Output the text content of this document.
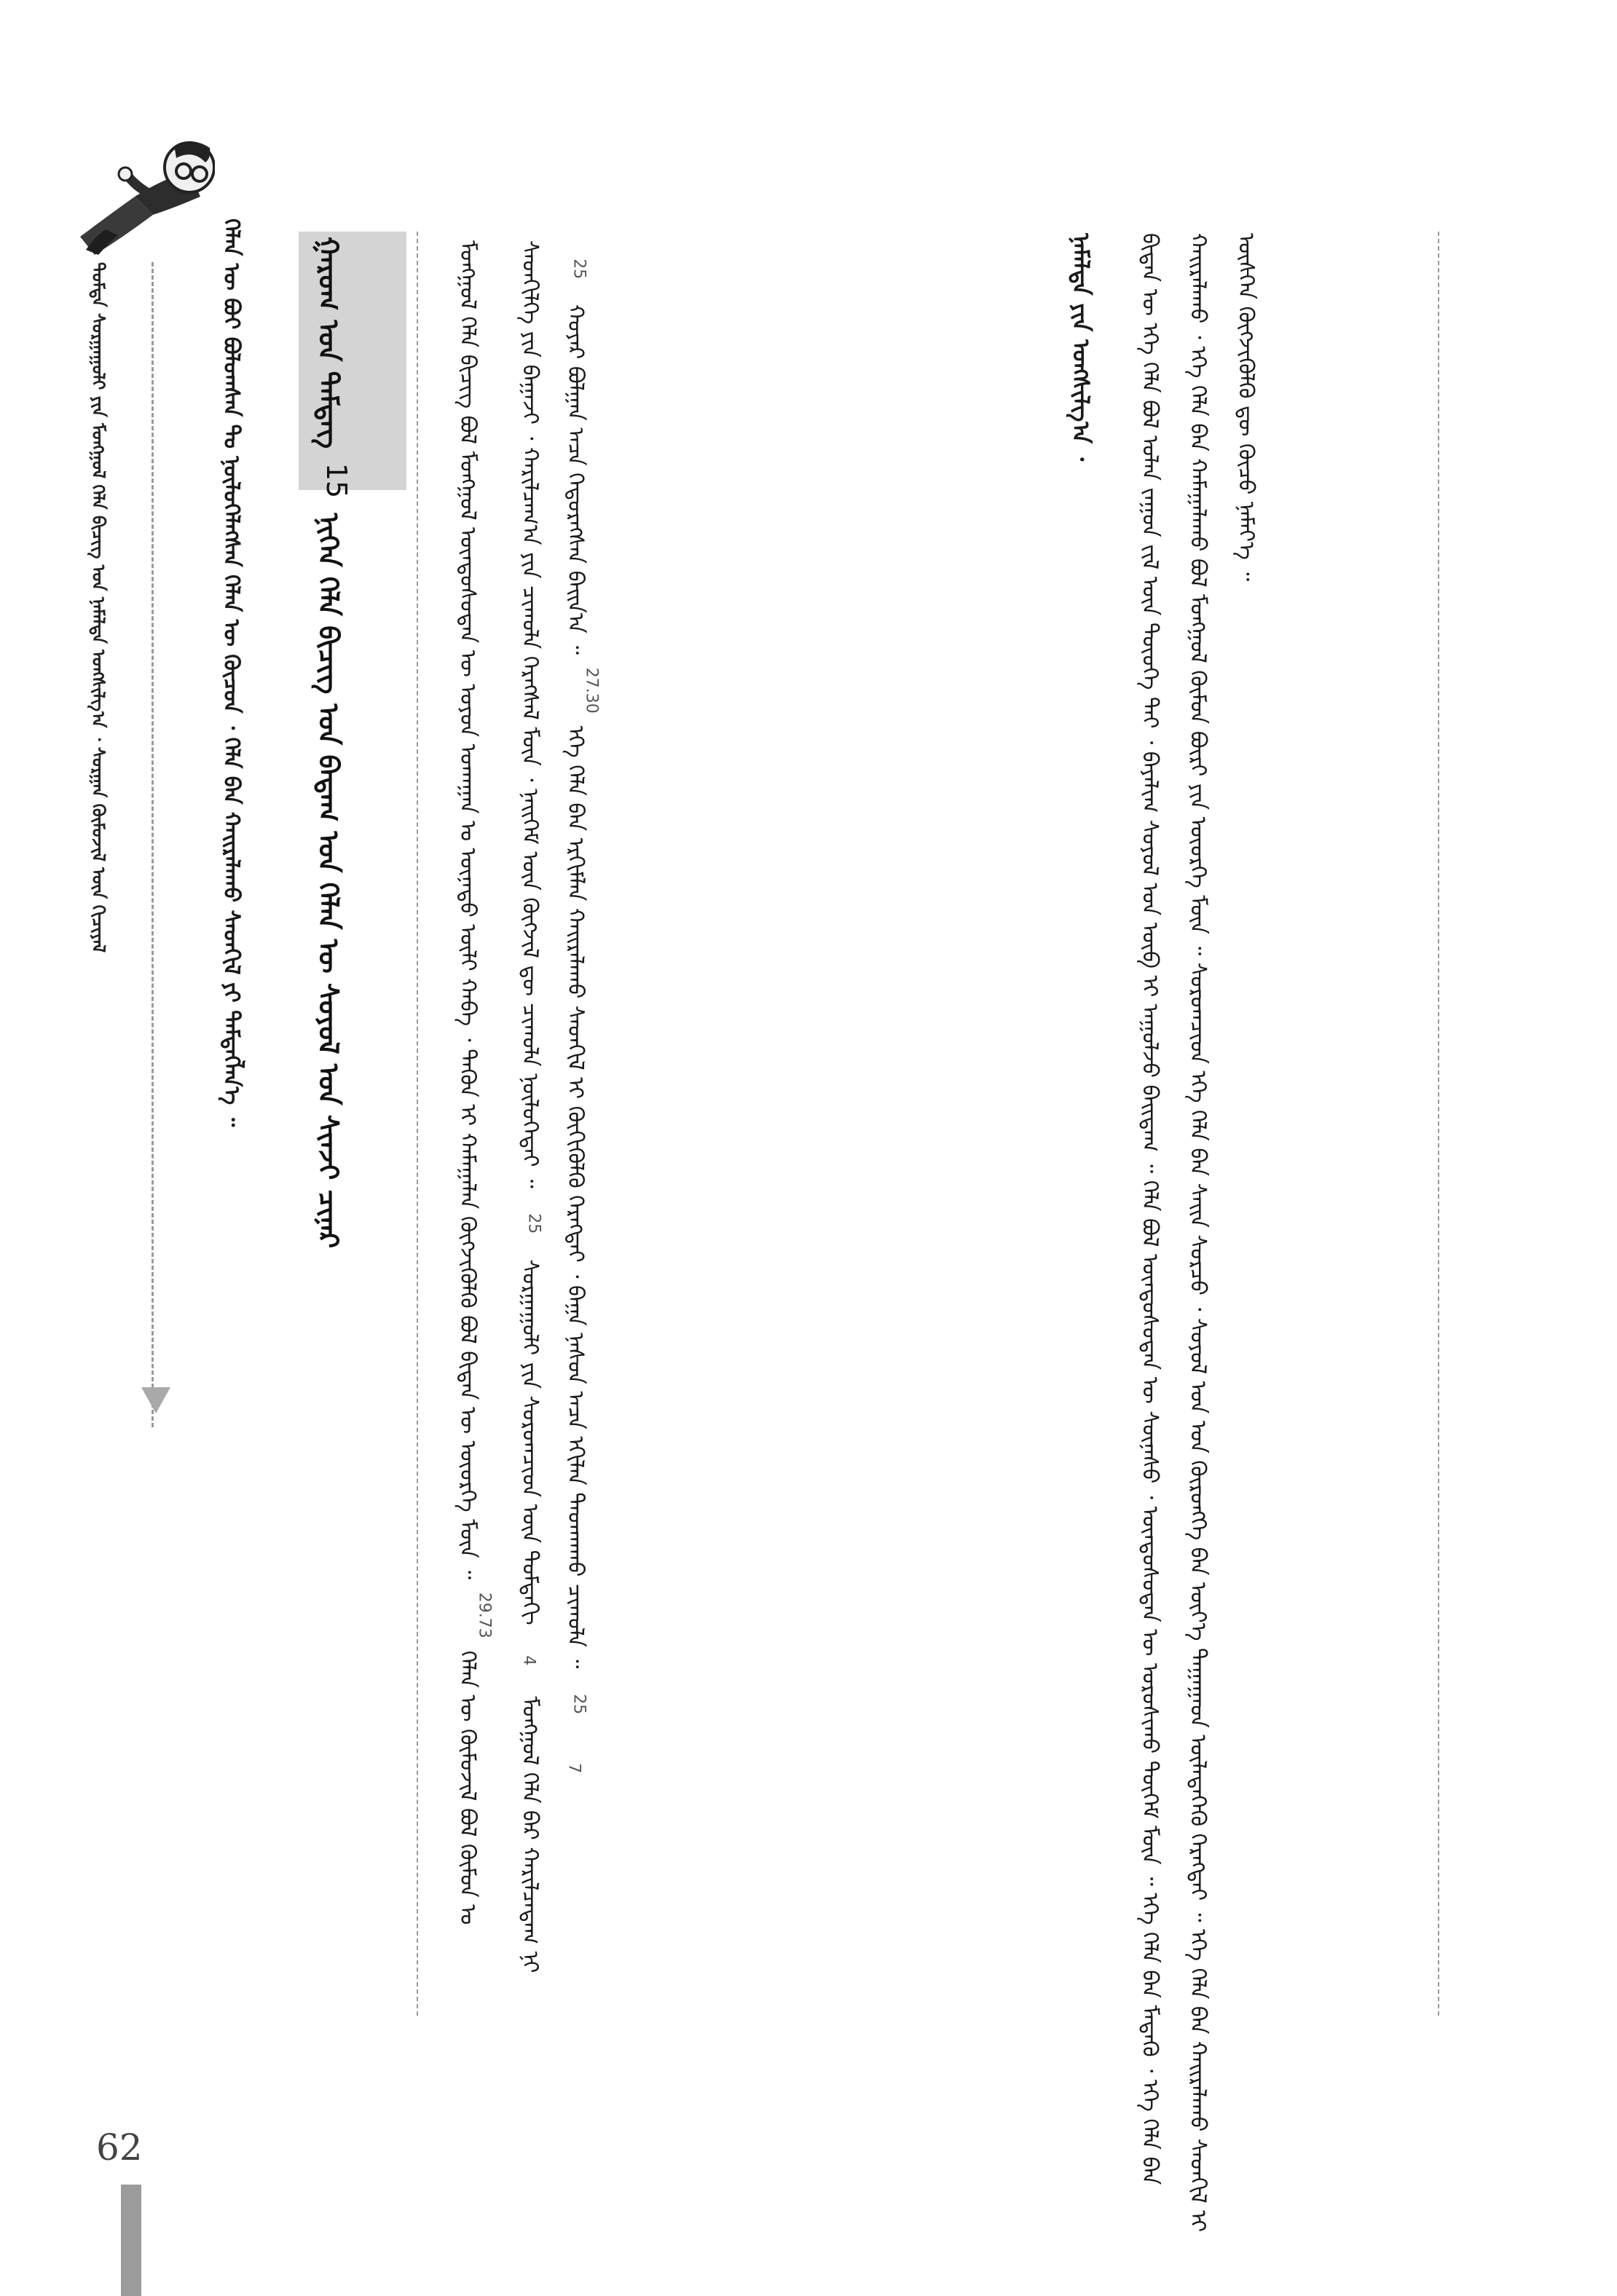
ᠳᠤᠮᠳᠠ ᠰᠤᠷᠭᠠᠭᠤᠯᠢ ᠶᠢᠨ ᠮᠣᠩᠭᠣᠯ ᠬᠡᠯᠡ ᠪᠢᠴᠢᠭ ᠤᠨ ᠨᠡᠮᠡᠯᠲᠡ ᠤᠩᠰᠢᠯᠭ᠎ᠠ ᠂ ᠰᠤᠷᠭᠠᠨ ᠬᠦᠮᠦᠵᠢᠯ ᠦᠨ ᠬᠢᠴᠢᠶᠡᠯ	ᠬᠡᠯᠡᠨ ᠦ ᠪᠤᠢ ᠪᠣᠯᠤᠭᠰᠠᠨ ᠲᠤ ᠨᠥᠯᠦᠭᠡᠯᠡᠭᠰᠡᠨ ᠬᠡᠯᠡᠨ ᠦ ᠬᠦᠴᠦᠨ ᠂ ᠬᠡᠯᠡ ᠪᠡᠨ ᠬᠠᠢᠷᠠᠯᠠᠬᠤ ᠰᠡᠳᠬᠢᠯ ᠶᠢ ᠲᠡᠮᠳᠡᠭᠯᠡᠨ᠎ᠡ ᠃	ᠭᠠᠷᠤᠭ ᠤᠨ ᠲᠡᠮᠳᠡᠭ 15 ᠨᠢᠭᠡᠨ ᠬᠡᠯᠡ ᠪᠢᠴᠢᠭ ᠤᠨ ᠪᠠᠳᠠᠭ ᠤᠨ ᠬᠡᠯᠡᠨ ᠦ ᠰᠣᠶᠣᠯ ᠤᠨ ᠰᠢᠨᠵᠢ ᠴᠢᠨᠠᠷ	ᠮᠣᠩᠭᠣᠯ ᠬᠡᠯᠡ ᠪᠢᠴᠢᠭ ᠪᠣᠯ ᠮᠣᠩᠭᠣᠯ ᠦᠨᠳᠦᠰᠦᠲᠡᠨ ᠦ ᠣᠶᠤᠨ ᠤᠬᠠᠭᠠᠨ ᠤ ᠦᠨᠡᠲᠦ ᠦᠯᠢ ᠬᠠᠪᠠ ᠂ ᠲᠡᠭᠦᠨ ᠢ ᠬᠠᠮᠠᠭᠠᠯᠠᠨ ᠬᠥᠭᠵᠢᠭᠦᠯᠬᠦ ᠪᠣᠯ ᠪᠢᠳᠡᠨ ᠦ ᠦᠦᠷᠭᠡ ᠮᠥᠨ ᠃ 29.73 ᠬᠡᠯᠡᠨ ᠦ ᠬᠦᠮᠦᠵᠢᠯ ᠪᠣᠯ ᠬᠦᠮᠦᠨ ᠤ ᠰᠡᠳᠬᠢᠯᠭᠡ ᠶᠢᠨ ᠪᠠᠭᠠᠵᠢ ᠂ ᠬᠠᠷᠢᠯᠴᠠᠭ᠎ᠠ ᠶᠢᠨ ᠴᠢᠬᠤᠯᠠ ᠬᠡᠷᠡᠭᠰᠡᠯ ᠮᠥᠨ ᠂ ᠨᠡᠢᠭᠡᠮ ᠦᠨ ᠬᠥᠭᠵᠢᠯ ᠳᠦ ᠴᠢᠬᠤᠯᠠ ᠨᠥᠯᠦᠭᠡᠲᠡᠢ ᠃ 25 ᠰᠤᠷᠭᠠᠭᠤᠯᠢ ᠶᠢᠨ ᠰᠤᠷᠤᠭᠴᠢᠳ ᠦᠨ ᠳᠤᠮᠳᠠᠬᠢ 4 ᠮᠣᠩᠭᠣᠯ ᠬᠡᠯᠡ ᠪᠡᠷ ᠬᠠᠷᠢᠯᠴᠠᠳᠠᠭ ᠨᠢ 25 ᠬᠣᠶᠠᠷ ᠪᠣᠯᠭᠠᠨ ᠠᠴᠠ ᠬᠡᠲᠦᠷᠡᠭᠰᠡᠨ ᠪᠠᠢᠨ᠎ᠠ ᠃ 27.30 ᠡᠬᠡ ᠬᠡᠯᠡ ᠪᠡᠨ ᠡᠷᠬᠢᠮᠯᠡᠨ ᠬᠠᠢᠷᠠᠯᠠᠬᠤ ᠰᠡᠳᠬᠢᠯ ᠢ ᠬᠥᠬᠢᠭᠦᠯᠬᠦ ᠬᠡᠷᠡᠭᠲᠡᠢ ᠂ ᠪᠠᠭᠠ ᠨᠠᠰᠤᠨ ᠠᠴᠠ ᠡᠬᠢᠯᠡᠨ ᠳᠠᠳᠬᠠᠬᠤ ᠴᠢᠬᠤᠯᠠ ᠃ 25 7
ᠨᠡᠮᠡᠯᠲᠡ ᠶᠢᠨ ᠤᠩᠰᠢᠯᠭ᠎ᠠ ᠂	ᠪᠢᠳᠡᠨ ᠦ ᠡᠬᠡ ᠬᠡᠯᠡ ᠪᠣᠯ ᠣᠯᠠᠨ ᠵᠠᠭᠤᠨ ᠵᠢᠯ ᠦᠨ ᠲᠦᠦᠬᠡ ᠲᠠᠢ ᠂ ᠪᠠᠶᠠᠯᠢᠭ ᠰᠣᠶᠣᠯ ᠤᠨ ᠥᠪ ᠢ ᠠᠭᠤᠯᠵᠤ ᠪᠠᠢᠳᠠᠭ ᠃ ᠬᠡᠯᠡ ᠪᠣᠯ ᠦᠨᠳᠦᠰᠦᠲᠡᠨ ᠦ ᠰᠦᠨᠡᠰᠦ ᠂ ᠦᠨᠳᠦᠰᠦᠲᠡᠨ ᠦ ᠣᠷᠣᠰᠢᠬᠤ ᠳᠥᠭᠡᠮ ᠮᠥᠨ ᠃ ᠡᠬᠡ ᠬᠡᠯᠡ ᠪᠡᠨ ᠮᠡᠳᠡᠬᠦ ᠂ ᠡᠬᠡ ᠬᠡᠯᠡ ᠪᠡᠨ ᠬᠠᠢᠷᠠᠯᠠᠬᠤ ᠂ ᠡᠬᠡ ᠬᠡᠯᠡ ᠪᠡᠨ ᠬᠠᠮᠠᠭᠠᠯᠠᠬᠤ ᠪᠣᠯ ᠮᠣᠩᠭᠣᠯ ᠬᠦᠮᠦᠨ ᠪᠦᠷᠢ ᠶᠢᠨ ᠦᠦᠷᠭᠡ ᠮᠥᠨ ᠃ ᠰᠤᠷᠤᠭᠴᠢᠳ ᠡᠬᠡ ᠬᠡᠯᠡ ᠪᠡᠨ ᠰᠠᠢᠨ ᠰᠤᠷᠴᠤ ᠂ ᠰᠣᠶᠣᠯ ᠤᠨ ᠡᠳ ᠬᠥᠷᠥᠩᠭᠡ ᠪᠡᠨ ᠦᠶ᠎ᠡ ᠳᠠᠭᠠᠭᠠᠳ ᠦᠯᠡᠳᠡᠭᠡᠬᠦ ᠬᠡᠷᠡᠭᠲᠡᠢ ᠃ ᠡᠬᠡ ᠬᠡᠯᠡ ᠪᠡᠨ ᠬᠠᠢᠷᠠᠯᠠᠬᠤ ᠰᠡᠳᠬᠢᠯ ᠢ ᠥᠰᠭᠡᠨ ᠬᠥᠭᠵᠢᠭᠦᠯᠬᠦ ᠳᠦ ᠬᠦᠴᠦ ᠨᠡᠮᠡᠶ᠎ᠡ ᠃
62
